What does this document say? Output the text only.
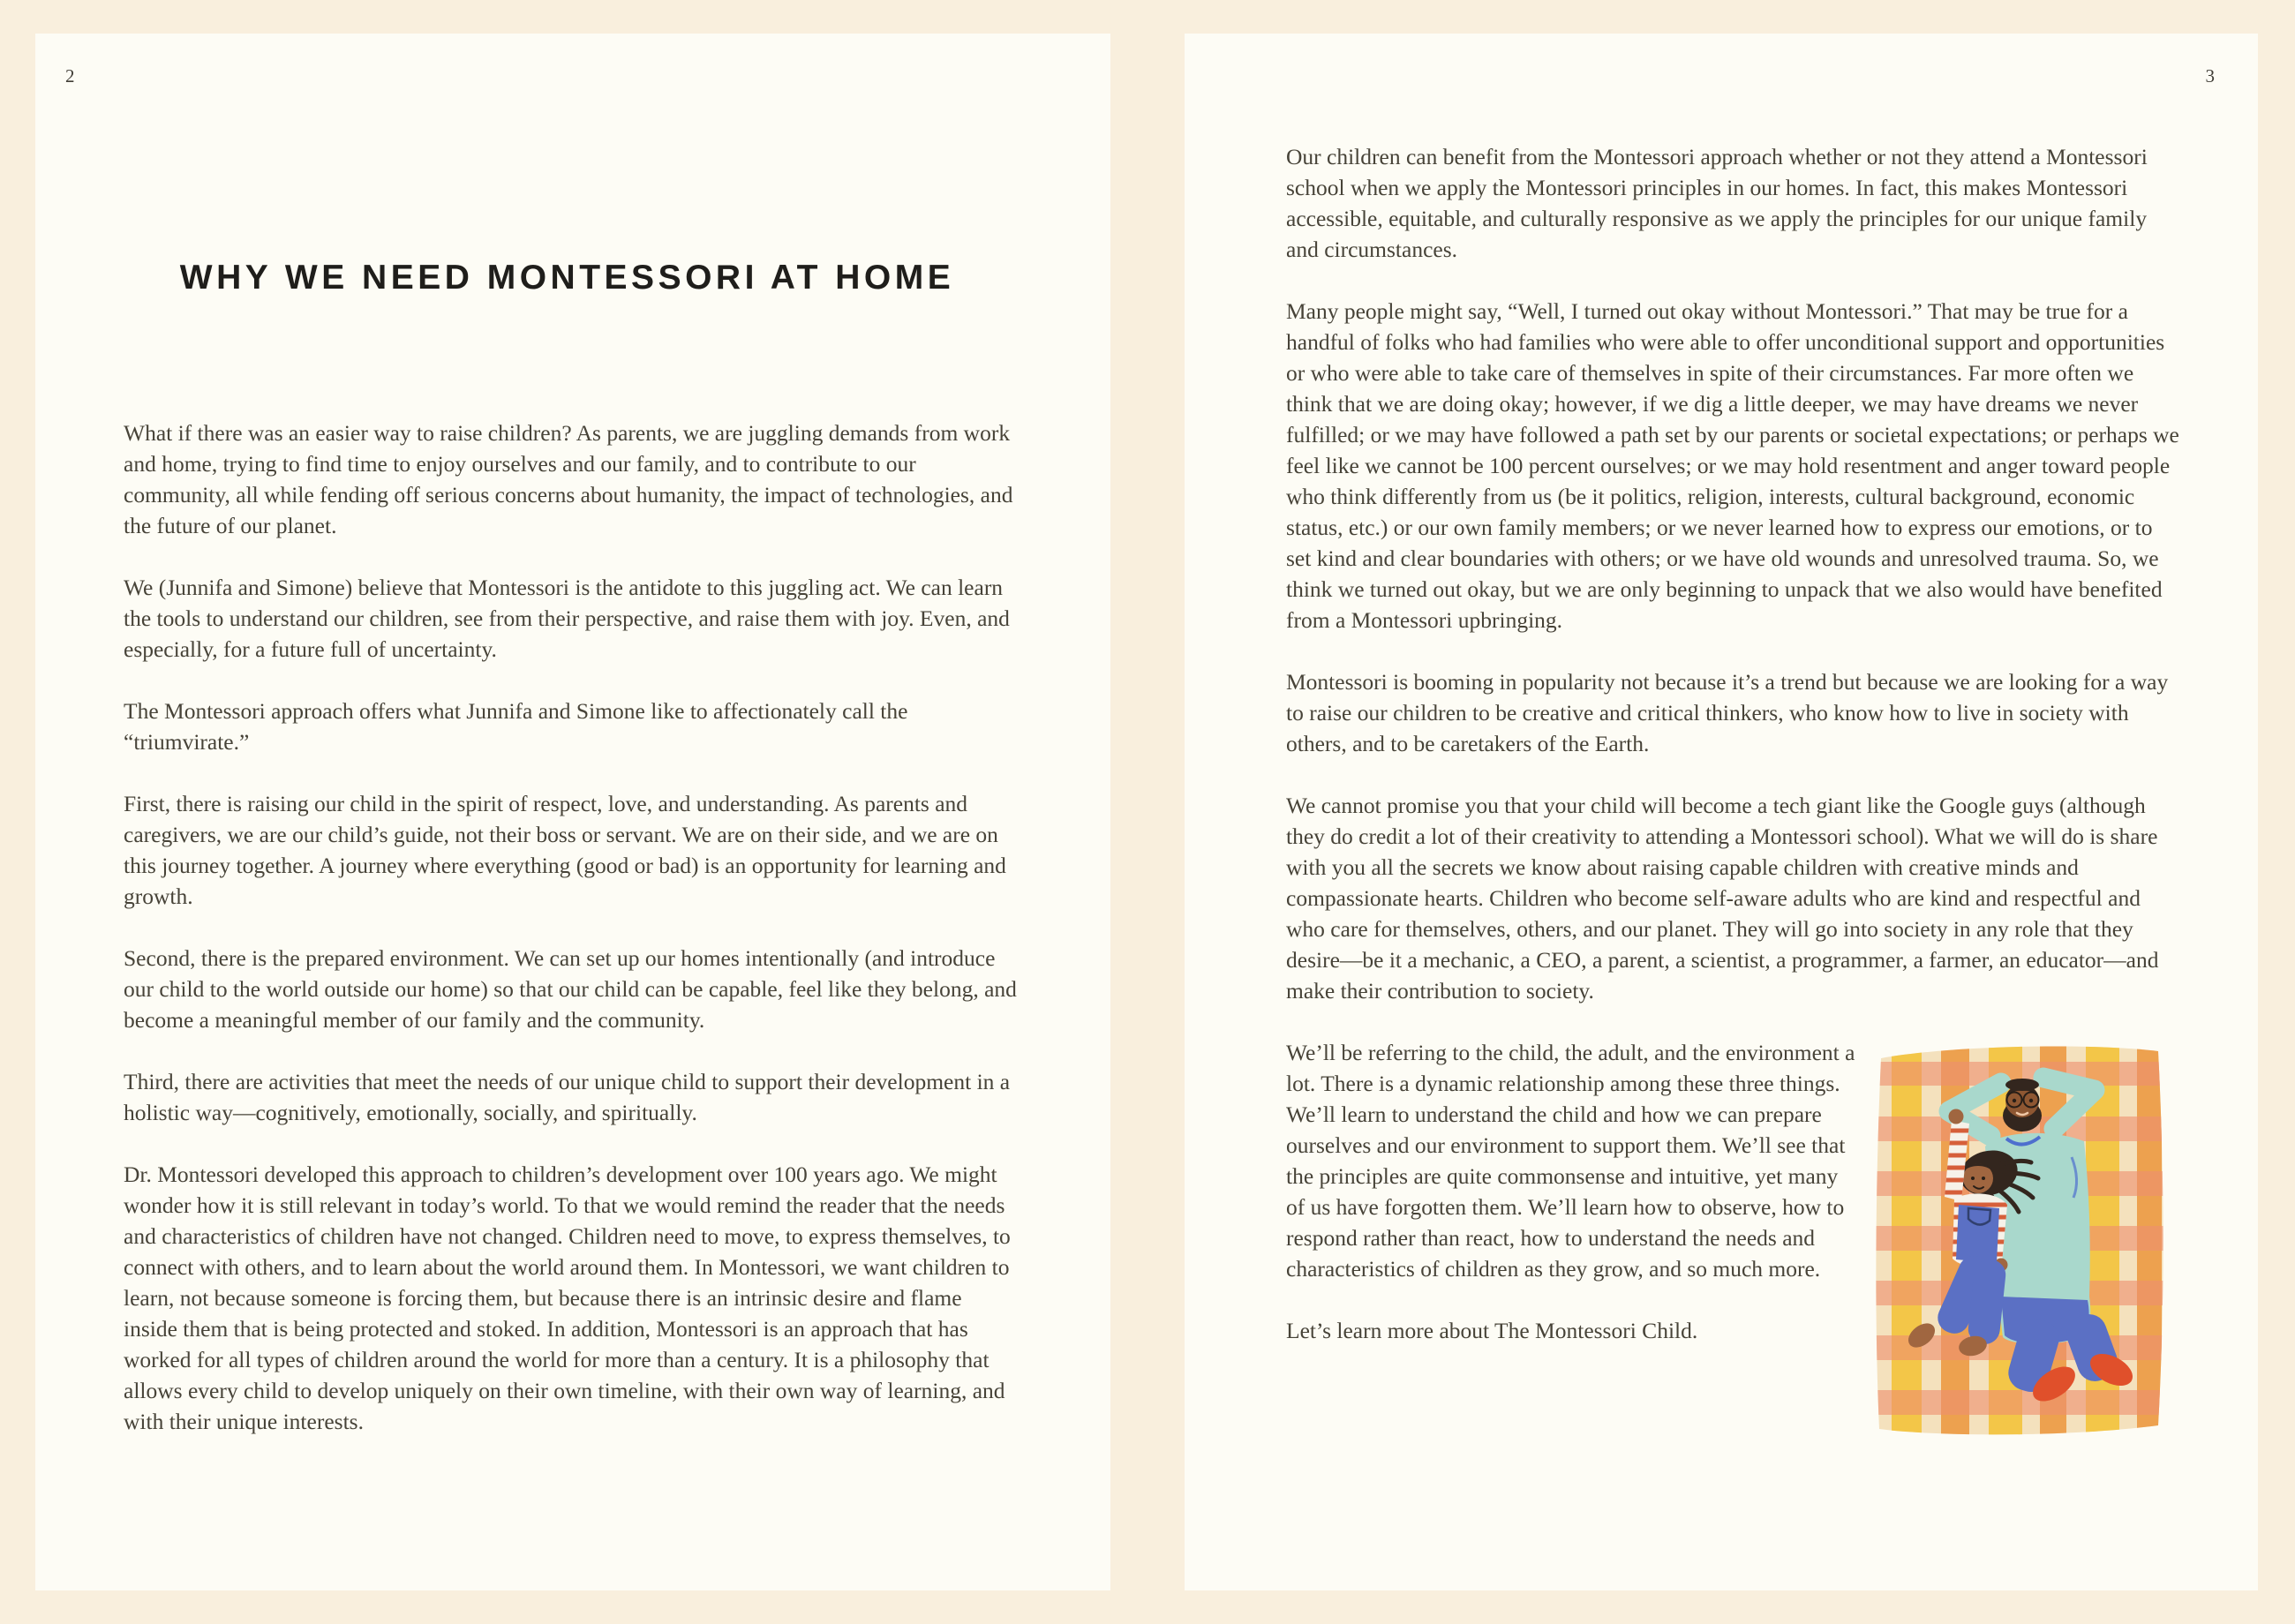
2
WHY WE NEED MONTESSORI AT HOME

What if there was an easier way to raise children? As parents, we are juggling demands from work and home, trying to find time to enjoy ourselves and our family, and to contribute to our community, all while fending off serious concerns about humanity, the impact of technologies, and the future of our planet.

We (Junnifa and Simone) believe that Montessori is the antidote to this juggling act. We can learn the tools to understand our children, see from their perspective, and raise them with joy. Even, and especially, for a future full of uncertainty.

The Montessori approach offers what Junnifa and Simone like to affectionately call the “triumvirate.”

First, there is raising our child in the spirit of respect, love, and understanding. As parents and caregivers, we are our child’s guide, not their boss or servant. We are on their side, and we are on this journey together. A journey where everything (good or bad) is an opportunity for learning and growth.

Second, there is the prepared environment. We can set up our homes intentionally (and introduce our child to the world outside our home) so that our child can be capable, feel like they belong, and become a meaningful member of our family and the community.

Third, there are activities that meet the needs of our unique child to support their development in a holistic way—cognitively, emotionally, socially, and spiritually.

Dr. Montessori developed this approach to children’s development over 100 years ago. We might wonder how it is still relevant in today’s world. To that we would remind the reader that the needs and characteristics of children have not changed. Children need to move, to express themselves, to connect with others, and to learn about the world around them. In Montessori, we want children to learn, not because someone is forcing them, but because there is an intrinsic desire and flame inside them that is being protected and stoked. In addition, Montessori is an approach that has worked for all types of children around the world for more than a century. It is a philosophy that allows every child to develop uniquely on their own timeline, with their own way of learning, and with their unique interests.

3

Our children can benefit from the Montessori approach whether or not they attend a Montessori school when we apply the Montessori principles in our homes. In fact, this makes Montessori accessible, equitable, and culturally responsive as we apply the principles for our unique family and circumstances.

Many people might say, “Well, I turned out okay without Montessori.” That may be true for a handful of folks who had families who were able to offer unconditional support and opportunities or who were able to take care of themselves in spite of their circumstances. Far more often we think that we are doing okay; however, if we dig a little deeper, we may have dreams we never fulfilled; or we may have followed a path set by our parents or societal expectations; or perhaps we feel like we cannot be 100 percent ourselves; or we may hold resentment and anger toward people who think differently from us (be it politics, religion, interests, cultural background, economic status, etc.) or our own family members; or we never learned how to express our emotions, or to set kind and clear boundaries with others; or we have old wounds and unresolved trauma. So, we think we turned out okay, but we are only beginning to unpack that we also would have benefited from a Montessori upbringing.

Montessori is booming in popularity not because it’s a trend but because we are looking for a way to raise our children to be creative and critical thinkers, who know how to live in society with others, and to be caretakers of the Earth.

We cannot promise you that your child will become a tech giant like the Google guys (although they do credit a lot of their creativity to attending a Montessori school). What we will do is share with you all the secrets we know about raising capable children with creative minds and compassionate hearts. Children who become self-aware adults who are kind and respectful and who care for themselves, others, and our planet. They will go into society in any role that they desire—be it a mechanic, a CEO, a parent, a scientist, a programmer, a farmer, an educator—and make their contribution to society.

We’ll be referring to the child, the adult, and the environment a lot. There is a dynamic relationship among these three things. We’ll learn to understand the child and how we can prepare ourselves and our environment to support them. We’ll see that the principles are quite commonsense and intuitive, yet many of us have forgotten them. We’ll learn how to observe, how to respond rather than react, how to understand the needs and characteristics of children as they grow, and so much more.

Let’s learn more about The Montessori Child.
